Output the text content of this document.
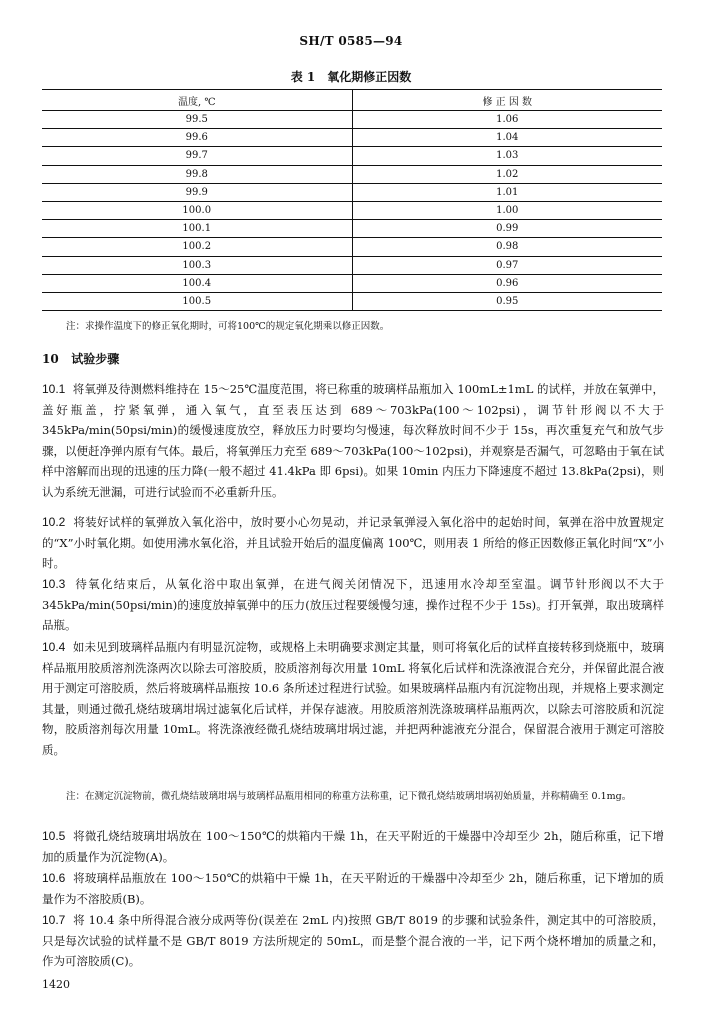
SH/T 0585—94
表 1　氧化期修正因数
温度, ℃	修 正 因 数
99.5	1.06
99.6	1.04
99.7	1.03
99.8	1.02
99.9	1.01
100.0	1.00
100.1	0.99
100.2	0.98
100.3	0.97
100.4	0.96
100.5	0.95
注：求操作温度下的修正氧化期时，可将100℃的规定氧化期乘以修正因数。
10 试验步骤
10.1 将氧弹及待测燃料维持在 15～25℃温度范围，将已称重的玻璃样品瓶加入 100mL±1mL 的试样，并放在氧弹中，盖好瓶盖，拧紧氧弹，通入氧气，直至表压达到 689～703kPa(100～102psi)，调节针形阀以不大于 345kPa/min(50psi/min)的缓慢速度放空，释放压力时要均匀慢速，每次释放时间不少于 15s，再次重复充气和放气步骤，以便赶净弹内原有气体。最后，将氧弹压力充至 689～703kPa(100～102psi)，并观察是否漏气，可忽略由于氧在试样中溶解而出现的迅速的压力降(一般不超过 41.4kPa 即 6psi)。如果 10min 内压力下降速度不超过 13.8kPa(2psi)，则认为系统无泄漏，可进行试验而不必重新升压。
10.2 将装好试样的氧弹放入氧化浴中，放时要小心勿晃动，并记录氧弹浸入氧化浴中的起始时间，氧弹在浴中放置规定的“X”小时氧化期。如使用沸水氧化浴，并且试验开始后的温度偏离 100℃，则用表 1 所给的修正因数修正氧化时间“X”小时。
10.3 待氧化结束后，从氧化浴中取出氧弹，在进气阀关闭情况下，迅速用水冷却至室温。调节针形阀以不大于 345kPa/min(50psi/min)的速度放掉氧弹中的压力(放压过程要缓慢匀速，操作过程不少于 15s)。打开氧弹，取出玻璃样品瓶。
10.4 如未见到玻璃样品瓶内有明显沉淀物，或规格上未明确要求测定其量，则可将氧化后的试样直接转移到烧瓶中，玻璃样品瓶用胶质溶剂洗涤两次以除去可溶胶质，胶质溶剂每次用量 10mL 将氧化后试样和洗涤液混合充分，并保留此混合液用于测定可溶胶质，然后将玻璃样品瓶按 10.6 条所述过程进行试验。如果玻璃样品瓶内有沉淀物出现，并规格上要求测定其量，则通过微孔烧结玻璃坩埚过滤氧化后试样，并保存滤液。用胶质溶剂洗涤玻璃样品瓶两次，以除去可溶胶质和沉淀物，胶质溶剂每次用量 10mL。将洗涤液经微孔烧结玻璃坩埚过滤，并把两种滤液充分混合，保留混合液用于测定可溶胶质。
注：在测定沉淀物前，微孔烧结玻璃坩埚与玻璃样品瓶用相同的称重方法称重，记下微孔烧结玻璃坩埚初始质量，并称精确至 0.1mg。
10.5 将微孔烧结玻璃坩埚放在 100～150℃的烘箱内干燥 1h，在天平附近的干燥器中冷却至少 2h，随后称重，记下增加的质量作为沉淀物(A)。
10.6 将玻璃样品瓶放在 100～150℃的烘箱中干燥 1h，在天平附近的干燥器中冷却至少 2h，随后称重，记下增加的质量作为不溶胶质(B)。
10.7 将 10.4 条中所得混合液分成两等份(误差在 2mL 内)按照 GB/T 8019 的步骤和试验条件，测定其中的可溶胶质，只是每次试验的试样量不是 GB/T 8019 方法所规定的 50mL，而是整个混合液的一半，记下两个烧杯增加的质量之和，作为可溶胶质(C)。
1420
